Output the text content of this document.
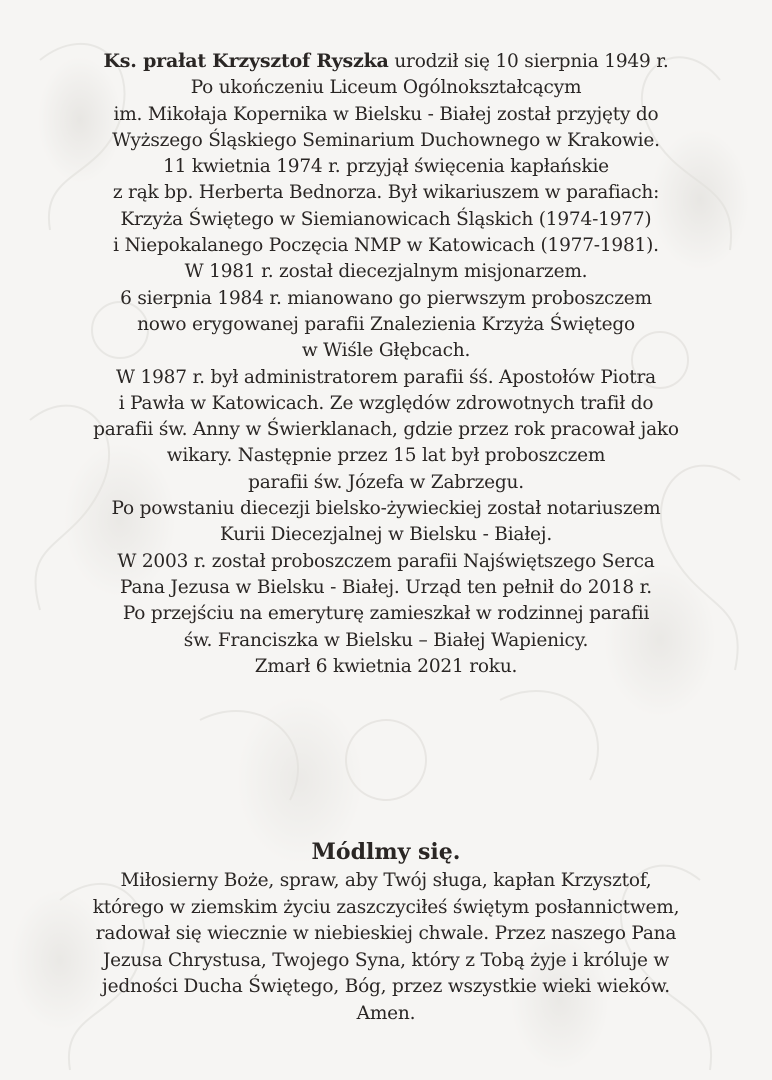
Ks. prałat Krzysztof Ryszka urodził się 10 sierpnia 1949 r.
Po ukończeniu Liceum Ogólnokształcącym
im. Mikołaja Kopernika w Bielsku - Białej został przyjęty do
Wyższego Śląskiego Seminarium Duchownego w Krakowie.
11 kwietnia 1974 r. przyjął święcenia kapłańskie
z rąk bp. Herberta Bednorza. Był wikariuszem w parafiach:
Krzyża Świętego w Siemianowicach Śląskich (1974-1977)
i Niepokalanego Poczęcia NMP w Katowicach (1977-1981).
W 1981 r. został diecezjalnym misjonarzem.
6 sierpnia 1984 r. mianowano go pierwszym proboszczem
nowo erygowanej parafii Znalezienia Krzyża Świętego
w Wiśle Głębcach.
W 1987 r. był administratorem parafii śś. Apostołów Piotra
i Pawła w Katowicach. Ze względów zdrowotnych trafił do
parafii św. Anny w Świerklanach, gdzie przez rok pracował jako
wikary. Następnie przez 15 lat był proboszczem
parafii św. Józefa w Zabrzegu.
Po powstaniu diecezji bielsko-żywieckiej został notariuszem
Kurii Diecezjalnej w Bielsku - Białej.
W 2003 r. został proboszczem parafii Najświętszego Serca
Pana Jezusa w Bielsku - Białej. Urząd ten pełnił do 2018 r.
Po przejściu na emeryturę zamieszkał w rodzinnej parafii
św. Franciszka w Bielsku – Białej Wapienicy.
Zmarł 6 kwietnia 2021 roku.
Módlmy się.
Miłosierny Boże, spraw, aby Twój sługa, kapłan Krzysztof,
którego w ziemskim życiu zaszczyciłeś świętym posłannictwem,
radował się wiecznie w niebieskiej chwale. Przez naszego Pana
Jezusa Chrystusa, Twojego Syna, który z Tobą żyje i króluje w
jedności Ducha Świętego, Bóg, przez wszystkie wieki wieków.
Amen.
